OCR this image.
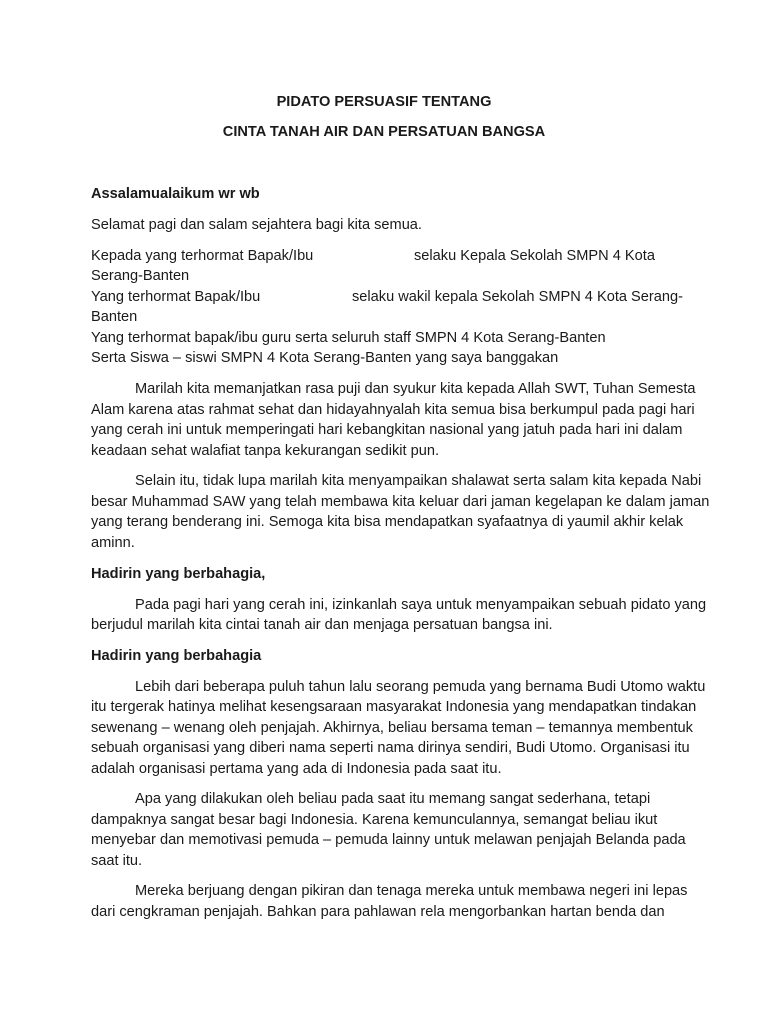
PIDATO PERSUASIF TENTANG

CINTA TANAH AIR DAN PERSATUAN BANGSA

Assalamualaikum wr wb

Selamat pagi dan salam sejahtera bagi kita semua.

Kepada yang terhormat Bapak/Ibu	selaku Kepala Sekolah SMPN 4 Kota

Serang-Banten

Yang terhormat Bapak/Ibu	selaku wakil kepala Sekolah SMPN 4 Kota Serang-

Banten

Yang terhormat bapak/ibu guru serta seluruh staff SMPN 4 Kota Serang-Banten

Serta Siswa – siswi SMPN 4 Kota Serang-Banten yang saya banggakan

Marilah kita memanjatkan rasa puji dan syukur kita kepada Allah SWT, Tuhan Semesta

Alam karena atas rahmat sehat dan hidayahnyalah kita semua bisa berkumpul pada pagi hari

yang cerah ini untuk memperingati hari kebangkitan nasional yang jatuh pada hari ini dalam

keadaan sehat walafiat tanpa kekurangan sedikit pun.

Selain itu, tidak lupa marilah kita menyampaikan shalawat serta salam kita kepada Nabi

besar Muhammad SAW yang telah membawa kita keluar dari jaman kegelapan ke dalam jaman

yang terang benderang ini. Semoga kita bisa mendapatkan syafaatnya di yaumil akhir kelak

aminn.

Hadirin yang berbahagia,

Pada pagi hari yang cerah ini, izinkanlah saya untuk menyampaikan sebuah pidato yang

berjudul marilah kita cintai tanah air dan menjaga persatuan bangsa ini.

Hadirin yang berbahagia

Lebih dari beberapa puluh tahun lalu seorang pemuda yang bernama Budi Utomo waktu

itu tergerak hatinya melihat kesengsaraan masyarakat Indonesia yang mendapatkan tindakan

sewenang – wenang oleh penjajah. Akhirnya, beliau bersama teman – temannya membentuk

sebuah organisasi yang diberi nama seperti nama dirinya sendiri, Budi Utomo. Organisasi itu

adalah organisasi pertama yang ada di Indonesia pada saat itu.

Apa yang dilakukan oleh beliau pada saat itu memang sangat sederhana, tetapi

dampaknya sangat besar bagi Indonesia. Karena kemunculannya, semangat beliau ikut

menyebar dan memotivasi pemuda – pemuda lainny untuk melawan penjajah Belanda pada

saat itu.

Mereka berjuang dengan pikiran dan tenaga mereka untuk membawa negeri ini lepas

dari cengkraman penjajah. Bahkan para pahlawan rela mengorbankan hartan benda dan
